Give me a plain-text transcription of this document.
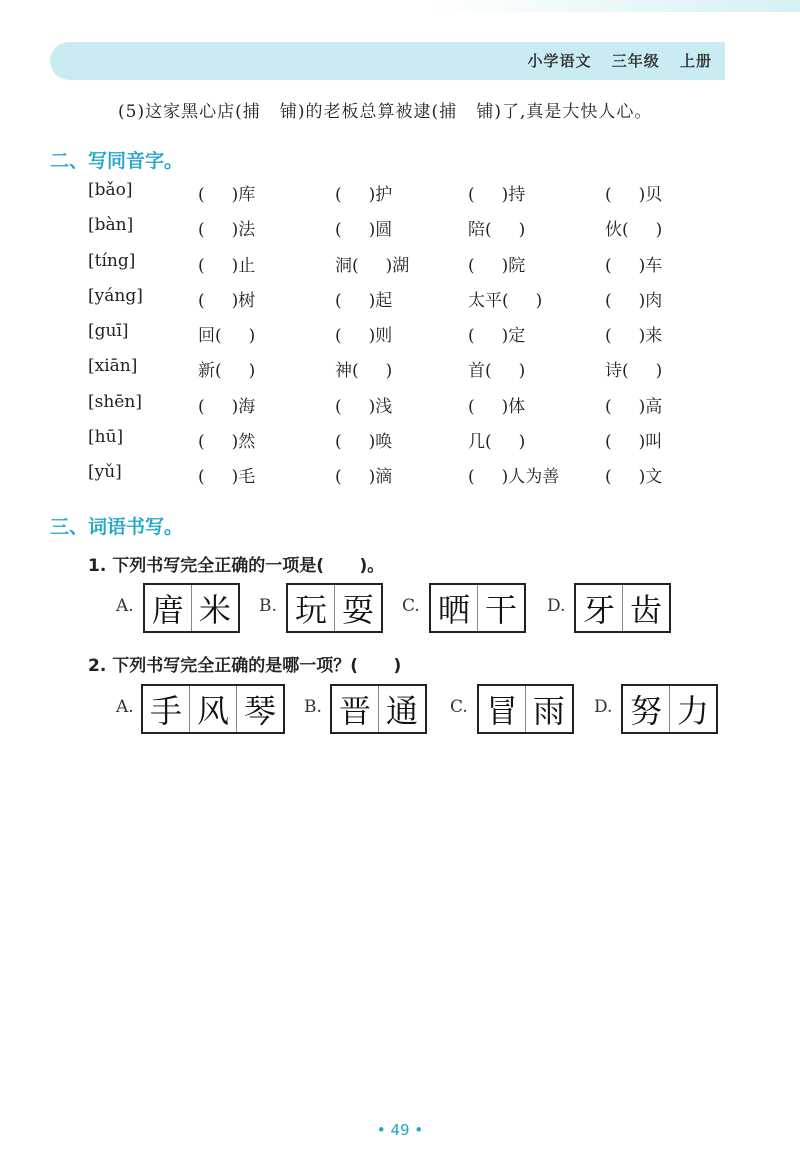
小学语文 三年级 上册
(5)这家黑心店(捕   铺)的老板总算被逮(捕   铺)了,真是大快人心。
二、写同音字。
[bǎo]	(     )库	(     )护	(     )持	(     )贝
[bàn]	(     )法	(     )圆	陪(     )	伙(     )
[tíng]	(     )止	洞(     )湖	(     )院	(     )车
[yáng]	(     )树	(     )起	太平(     )	(     )肉
[guī]	回(     )	(     )则	(     )定	(     )来
[xiān]	新(     )	神(     )	首(     )	诗(     )
[shēn]	(     )海	(     )浅	(     )体	(     )高
[hū]	(     )然	(     )唤	几(     )	(     )叫
[yǔ]	(     )毛	(     )滴	(     )人为善	(     )文
三、词语书写。
1. 下列书写完全正确的一项是(      )。
A. 庴 米	B. 玩 耍	C. 晒 干	D. 牙 齿
2. 下列书写完全正确的是哪一项？(      )
A. 手 风 琴	B. 晋 通	C. 冒 雨	D. 努 力
• 49 •
